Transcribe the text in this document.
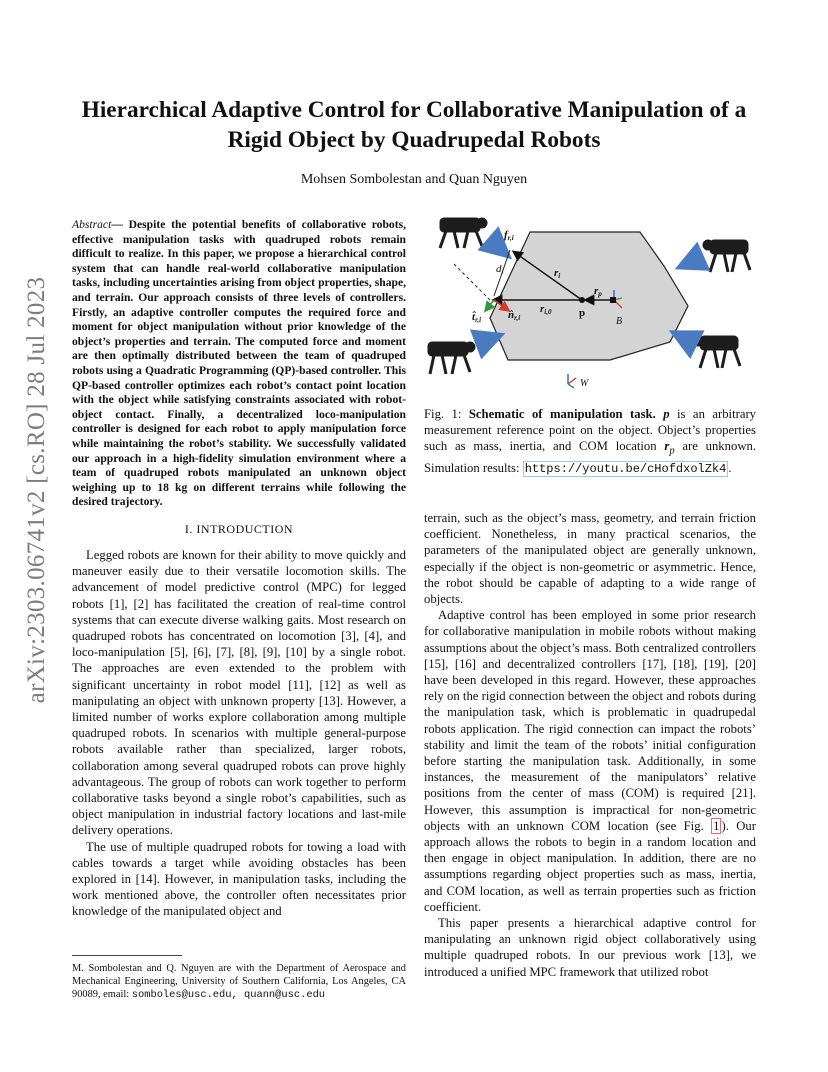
arXiv:2303.06741v2 [cs.RO] 28 Jul 2023
Hierarchical Adaptive Control for Collaborative Manipulation of a
Rigid Object by Quadrupedal Robots
Mohsen Sombolestan and Quan Nguyen
Abstract— Despite the potential benefits of collaborative robots, effective manipulation tasks with quadruped robots remain difficult to realize. In this paper, we propose a hierarchical control system that can handle real-world collaborative manipulation tasks, including uncertainties arising from object properties, shape, and terrain. Our approach consists of three levels of controllers. Firstly, an adaptive controller computes the required force and moment for object manipulation without prior knowledge of the object’s properties and terrain. The computed force and moment are then optimally distributed between the team of quadruped robots using a Quadratic Programming (QP)-based controller. This QP-based controller optimizes each robot’s contact point location with the object while satisfying constraints associated with robot-object contact. Finally, a decentralized loco-manipulation controller is designed for each robot to apply manipulation force while maintaining the robot’s stability. We successfully validated our approach in a high-fidelity simulation environment where a team of quadruped robots manipulated an unknown object weighing up to 18 kg on different terrains while following the desired trajectory.
I. INTRODUCTION

Legged robots are known for their ability to move quickly and maneuver easily due to their versatile locomotion skills. The advancement of model predictive control (MPC) for legged robots [1], [2] has facilitated the creation of real-time control systems that can execute diverse walking gaits. Most research on quadruped robots has concentrated on locomotion [3], [4], and loco-manipulation [5], [6], [7], [8], [9], [10] by a single robot. The approaches are even extended to the problem with significant uncertainty in robot model [11], [12] as well as manipulating an object with unknown property [13]. However, a limited number of works explore collaboration among multiple quadruped robots. In scenarios with multiple general-purpose robots available rather than specialized, larger robots, collaboration among several quadruped robots can prove highly advantageous. The group of robots can work together to perform collaborative tasks beyond a single robot’s capabilities, such as object manipulation in industrial factory locations and last-mile delivery operations.

The use of multiple quadruped robots for towing a load with cables towards a target while avoiding obstacles has been explored in [14]. However, in manipulation tasks, including the work mentioned above, the controller often necessitates prior knowledge of the manipulated object and

M. Sombolestan and Q. Nguyen are with the Department of Aerospace and Mechanical Engineering, University of Southern California, Los Angeles, CA 90089, email: somboles@usc.edu, quann@usc.edu
fr,i
di	ri
rp
ri,0	p
B
t̂r,i n̂r,i
W
Fig. 1: Schematic of manipulation task. p is an arbitrary measurement reference point on the object. Object’s properties such as mass, inertia, and COM location $r_p$ are unknown. Simulation results: https://youtu.be/cHofdxolZk4 .

terrain, such as the object’s mass, geometry, and terrain friction coefficient. Nonetheless, in many practical scenarios, the parameters of the manipulated object are generally unknown, especially if the object is non-geometric or asymmetric. Hence, the robot should be capable of adapting to a wide range of objects.

Adaptive control has been employed in some prior research for collaborative manipulation in mobile robots without making assumptions about the object’s mass. Both centralized controllers [15], [16] and decentralized controllers [17], [18], [19], [20] have been developed in this regard. However, these approaches rely on the rigid connection between the object and robots during the manipulation task, which is problematic in quadrupedal robots application. The rigid connection can impact the robots’ stability and limit the team of the robots’ initial configuration before starting the manipulation task. Additionally, in some instances, the measurement of the manipulators’ relative positions from the center of mass (COM) is required [21]. However, this assumption is impractical for non-geometric objects with an unknown COM location (see Fig. 1 ). Our approach allows the robots to begin in a random location and then engage in object manipulation. In addition, there are no assumptions regarding object properties such as mass, inertia, and COM location, as well as terrain properties such as friction coefficient.

This paper presents a hierarchical adaptive control for manipulating an unknown rigid object collaboratively using multiple quadruped robots. In our previous work [13], we introduced a unified MPC framework that utilized robot
